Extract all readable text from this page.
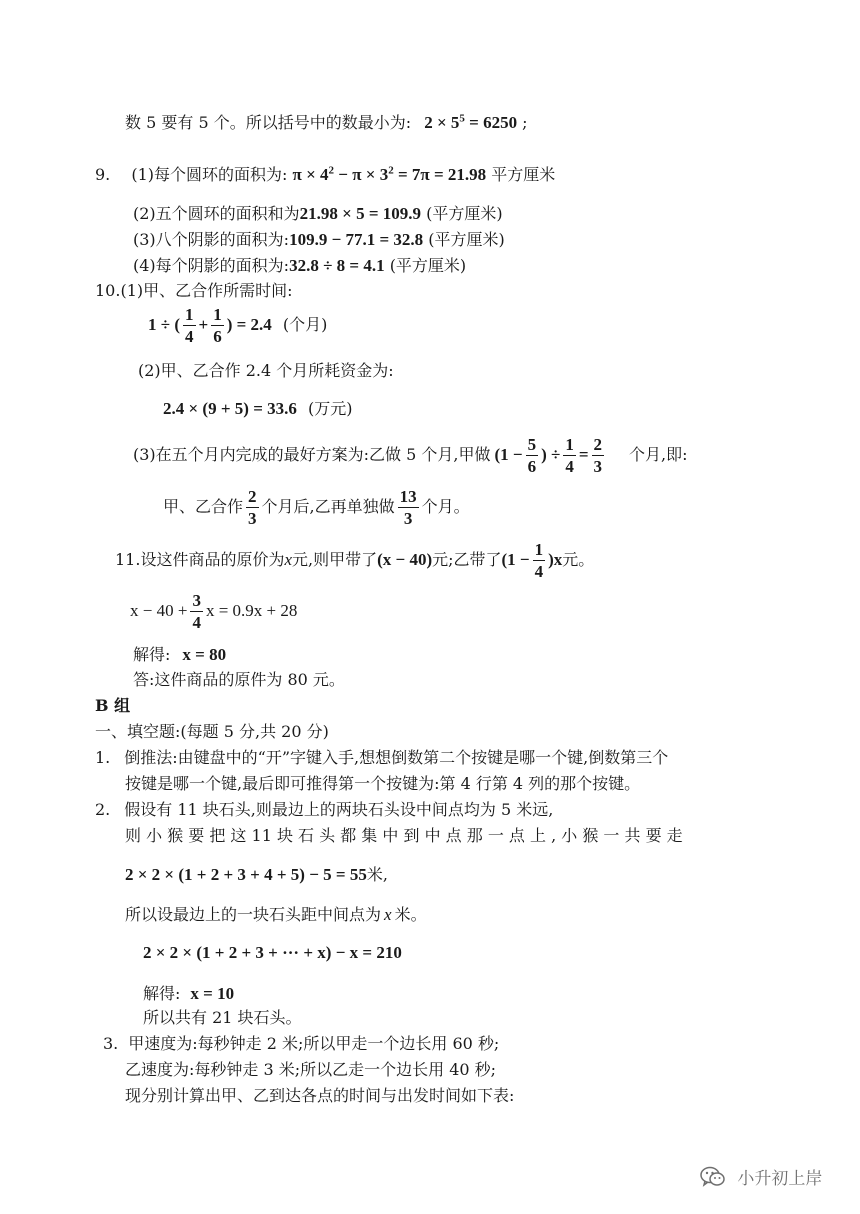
数 5 要有 5 个。所以括号中的数最小为: $2 \times 5^5 = 6250$ ;
9. (1)每个圆环的面积为: $\pi \times 4^2 - \pi \times 3^2 = 7\pi = 21.98$ 平方厘米
(2)五个圆环的面积和为21.98 × 5 = 109.9 (平方厘米)
(3)八个阴影的面积为:109.9 − 77.1 = 32.8 (平方厘米)
(4)每个阴影的面积为:32.8 ÷ 8 = 4.1 (平方厘米)
10.(1)甲、乙合作所需时间:
1 ÷ ( $\frac{1}{4} + \frac{1}{6}$ ) = 2.4 (个月)
(2)甲、乙合作 2.4 个月所耗资金为:
2.4 × (9 + 5) = 33.6 (万元)
(3)在五个月内完成的最好方案为:乙做 5 个月,甲做 ($1 - \frac{5}{6}$ ) ÷ $\frac{1}{4} = \frac{2}{3}$ 个月,即:
甲、乙合作 $\frac{2}{3}$ 个月后,乙再单独做 $\frac{13}{3}$ 个月。
11.设这件商品的原价为x元,则甲带了(x − 40)元;乙带了$(1 - \frac{1}{4} )x$元。
$x - 40 + \frac{3}{4}$ x = 0.9x + 28
解得: x = 80
答:这件商品的原件为 80 元。
B 组
一、填空题:(每题 5 分,共 20 分)
1. 倒推法:由键盘中的“开”字键入手,想想倒数第二个按键是哪一个键,倒数第三个
按键是哪一个键,最后即可推得第一个按键为:第 4 行第 4 列的那个按键。
2. 假设有 11 块石头,则最边上的两块石头设中间点均为 5 米远,
则 小 猴 要 把 这 11 块 石 头 都 集 中 到 中 点 那 一 点 上 , 小 猴 一 共 要 走
2 × 2 × (1 + 2 + 3 + 4 + 5) − 5 = 55米,
所以设最边上的一块石头距中间点为 x 米。
2 × 2 × (1 + 2 + 3 + ··· + x) − x = 210
解得: x = 10
所以共有 21 块石头。
3. 甲速度为:每秒钟走 2 米;所以甲走一个边长用 60 秒;
乙速度为:每秒钟走 3 米;所以乙走一个边长用 40 秒;
现分别计算出甲、乙到达各点的时间与出发时间如下表:
小升初上岸
